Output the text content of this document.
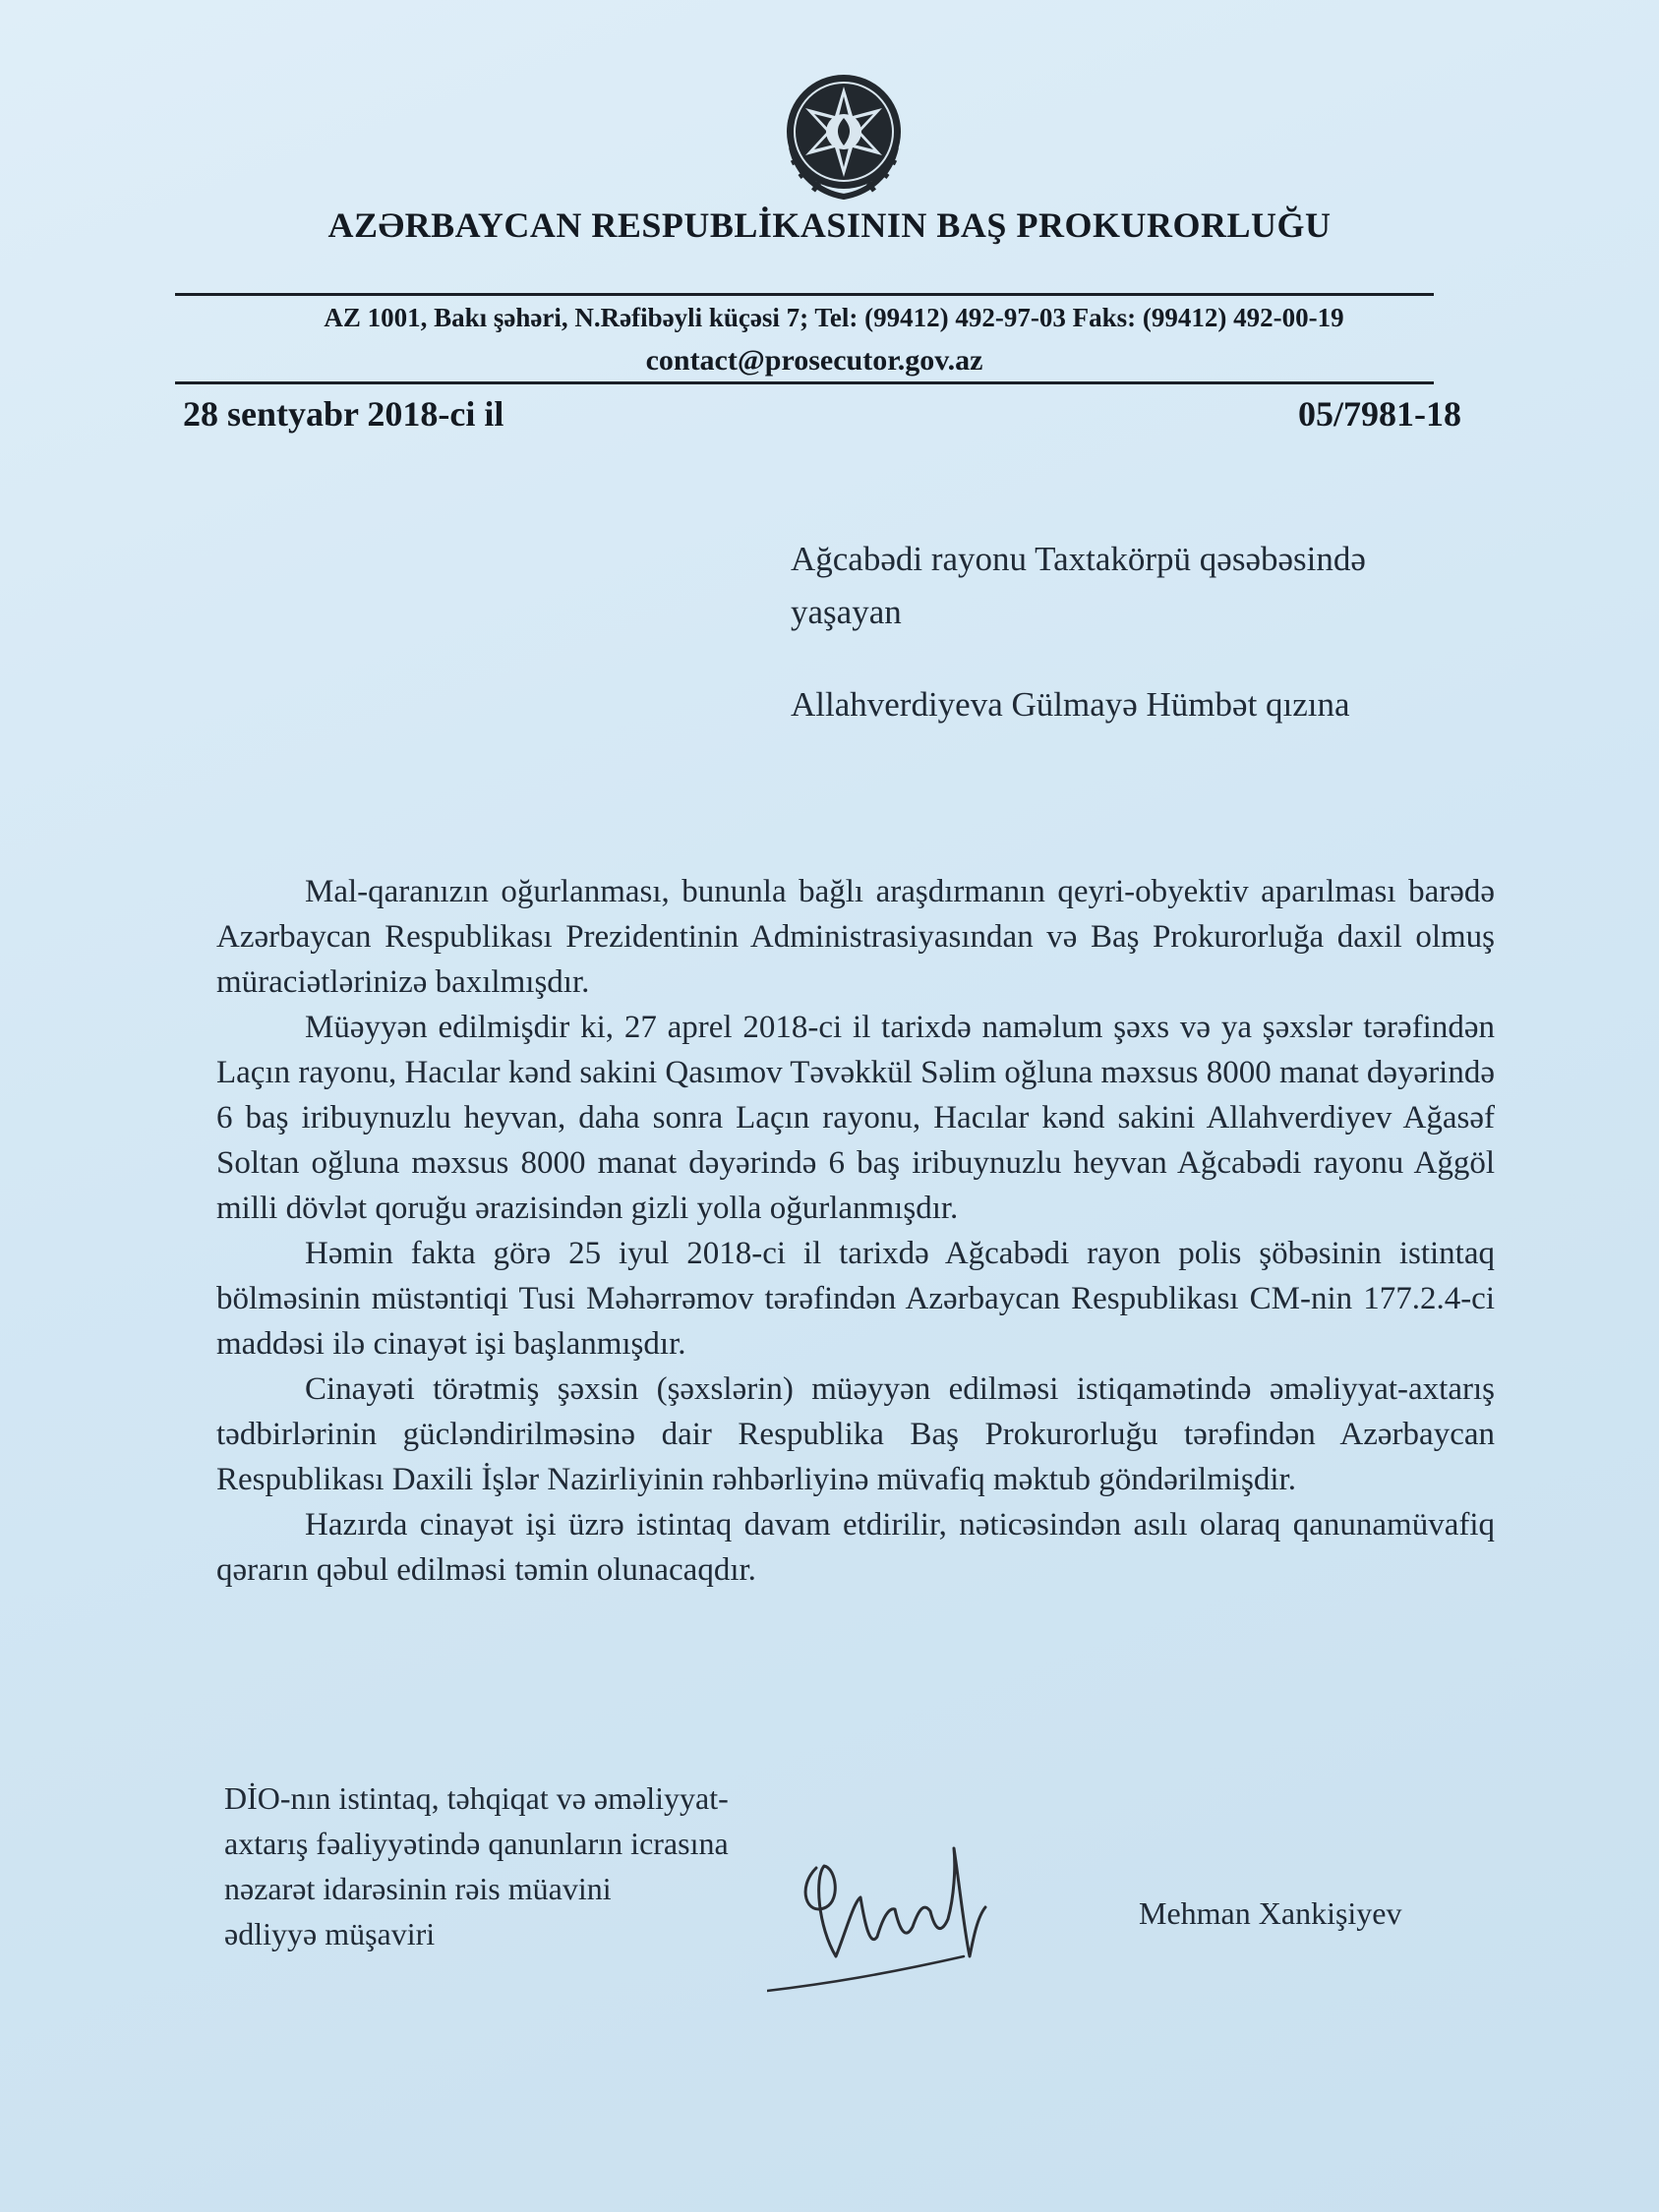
AZƏRBAYCAN RESPUBLİKASININ BAŞ PROKURORLUĞU
AZ 1001, Bakı şəhəri, N.Rəfibəyli küçəsi 7; Tel: (99412) 492-97-03 Faks: (99412) 492-00-19
contact@prosecutor.gov.az
28 sentyabr 2018-ci il	05/7981-18
Ağcabədi rayonu Taxtakörpü qəsəbəsində
yaşayan
Allahverdiyeva Gülmayə Hümbət qızına

Mal-qaranızın oğurlanması, bununla bağlı araşdırmanın qeyri-obyektiv aparılması barədə Azərbaycan Respublikası Prezidentinin Administrasiyasından və Baş Prokurorluğa daxil olmuş müraciətlərinizə baxılmışdır.

Müəyyən edilmişdir ki, 27 aprel 2018-ci il tarixdə naməlum şəxs və ya şəxslər tərəfindən Laçın rayonu, Hacılar kənd sakini Qasımov Təvəkkül Səlim oğluna məxsus 8000 manat dəyərində 6 baş iribuynuzlu heyvan, daha sonra Laçın rayonu, Hacılar kənd sakini Allahverdiyev Ağasəf Soltan oğluna məxsus 8000 manat dəyərində 6 baş iribuynuzlu heyvan Ağcabədi rayonu Ağgöl milli dövlət qoruğu ərazisindən gizli yolla oğurlanmışdır.

Həmin fakta görə 25 iyul 2018-ci il tarixdə Ağcabədi rayon polis şöbəsinin istintaq bölməsinin müstəntiqi Tusi Məhərrəmov tərəfindən Azərbaycan Respublikası CM-nin 177.2.4-ci maddəsi ilə cinayət işi başlanmışdır.

Cinayəti törətmiş şəxsin (şəxslərin) müəyyən edilməsi istiqamətində əməliyyat-axtarış tədbirlərinin gücləndirilməsinə dair Respublika Baş Prokurorluğu tərəfindən Azərbaycan Respublikası Daxili İşlər Nazirliyinin rəhbərliyinə müvafiq məktub göndərilmişdir.

Hazırda cinayət işi üzrə istintaq davam etdirilir, nəticəsindən asılı olaraq qanunamüvafiq qərarın qəbul edilməsi təmin olunacaqdır.

DİO-nın istintaq, təhqiqat və əməliyyat-
axtarış fəaliyyətində qanunların icrasına
nəzarət idarəsinin rəis müavini
ədliyyə müşaviri
Mehman Xankişiyev
